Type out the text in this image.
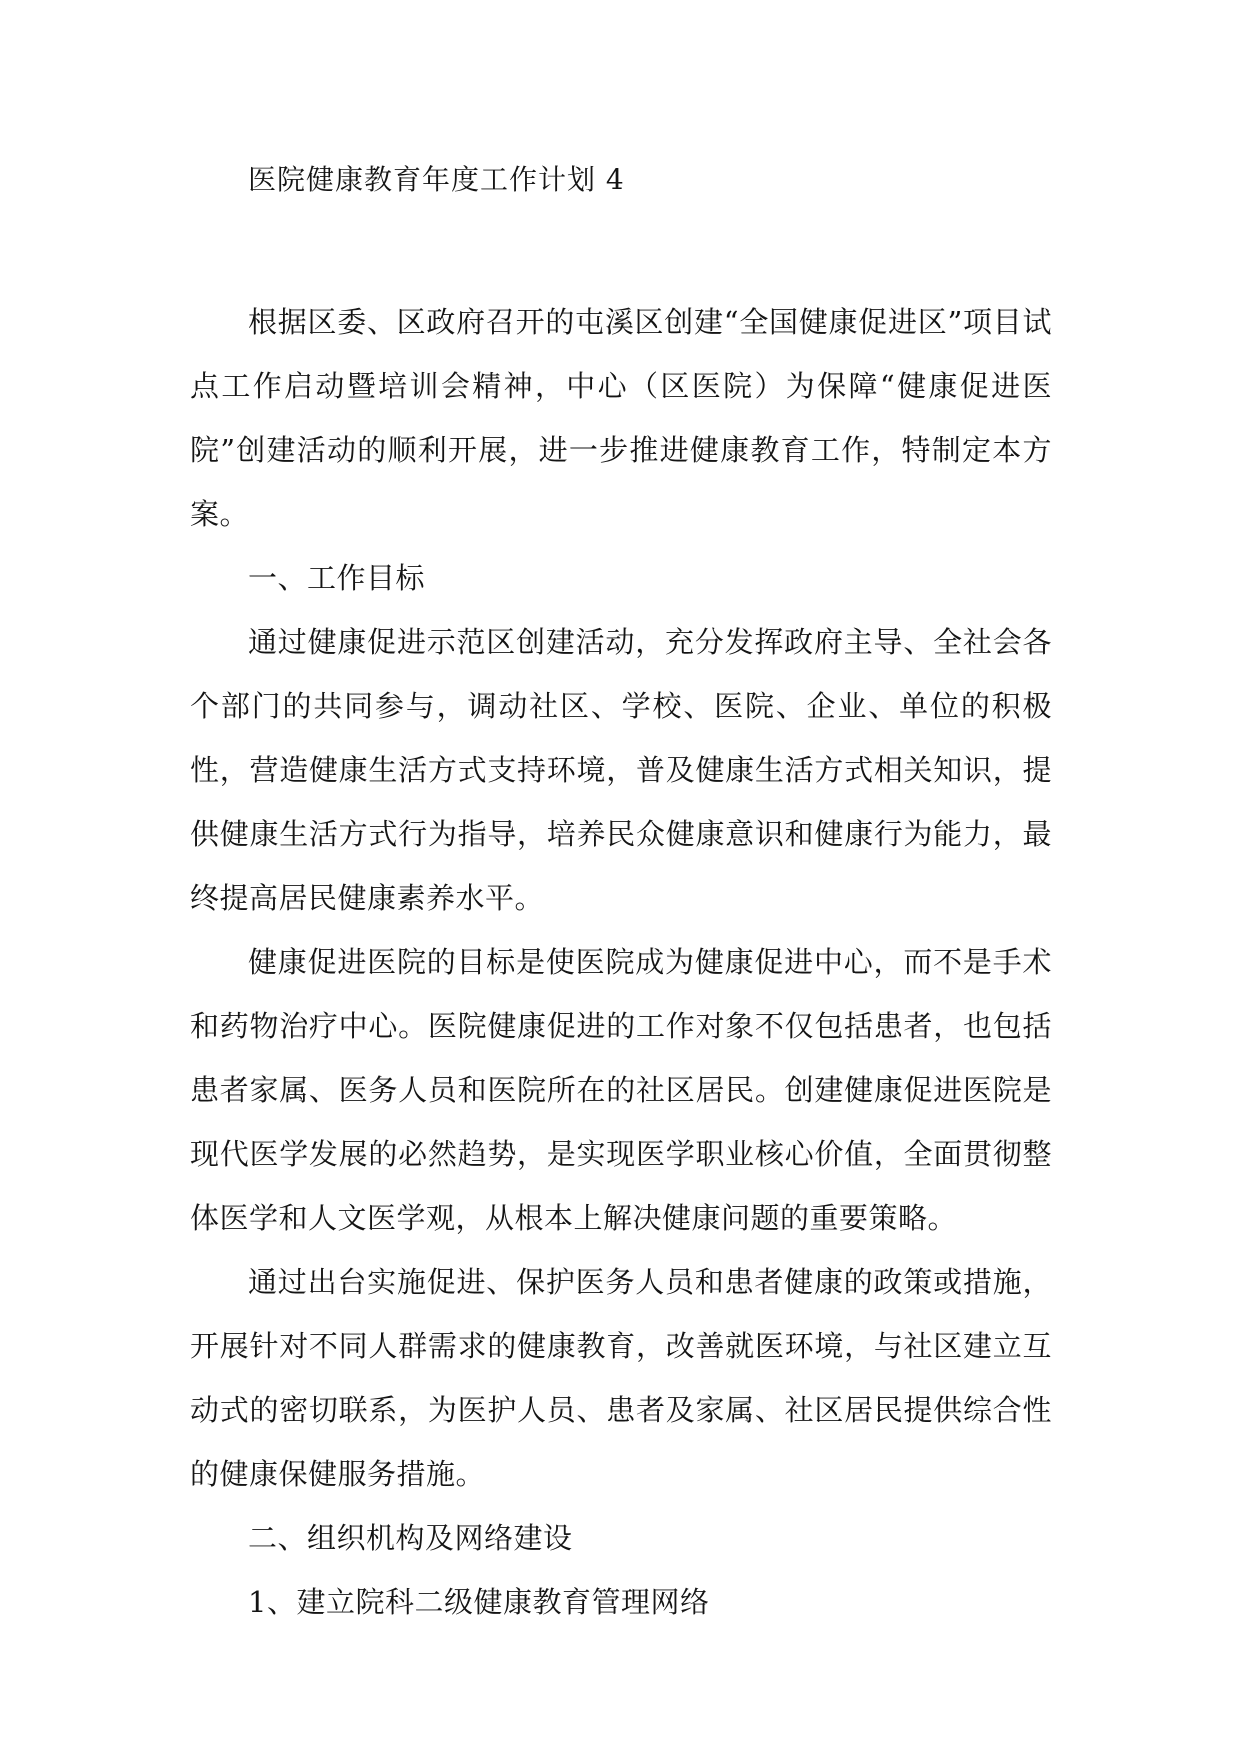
医院健康教育年度工作计划 4

根据区委、区政府召开的屯溪区创建“全国健康促进区”项目试点工作启动暨培训会精神，中心（区医院）为保障“健康促进医院”创建活动的顺利开展，进一步推进健康教育工作，特制定本方案。

一、工作目标

通过健康促进示范区创建活动，充分发挥政府主导、全社会各个部门的共同参与，调动社区、学校、医院、企业、单位的积极性，营造健康生活方式支持环境，普及健康生活方式相关知识，提供健康生活方式行为指导，培养民众健康意识和健康行为能力，最终提高居民健康素养水平。

健康促进医院的目标是使医院成为健康促进中心，而不是手术和药物治疗中心。医院健康促进的工作对象不仅包括患者，也包括患者家属、医务人员和医院所在的社区居民。创建健康促进医院是现代医学发展的必然趋势，是实现医学职业核心价值，全面贯彻整体医学和人文医学观，从根本上解决健康问题的重要策略。

通过出台实施促进、保护医务人员和患者健康的政策或措施，开展针对不同人群需求的健康教育，改善就医环境，与社区建立互动式的密切联系，为医护人员、患者及家属、社区居民提供综合性的健康保健服务措施。

二、组织机构及网络建设

1、建立院科二级健康教育管理网络
